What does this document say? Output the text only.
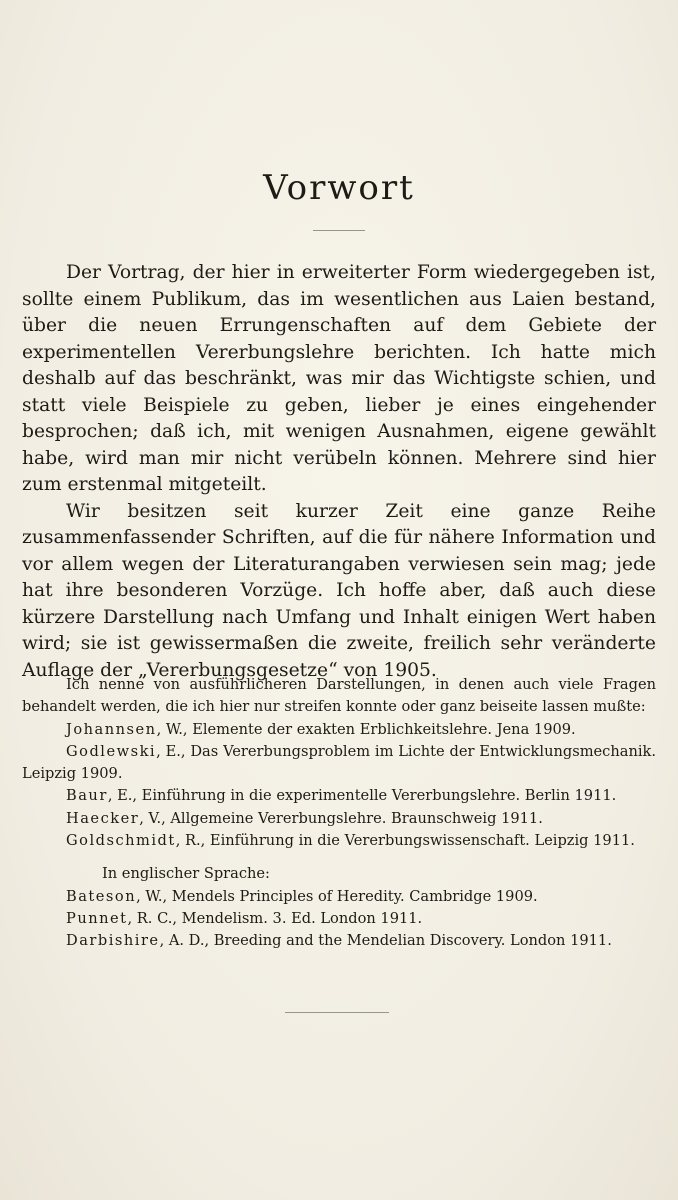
Vorwort

Der Vortrag, der hier in erweiterter Form wiedergegeben ist, sollte einem Publikum, das im wesentlichen aus Laien bestand, über die neuen Errungenschaften auf dem Gebiete der experimentellen Vererbungslehre berichten. Ich hatte mich deshalb auf das beschränkt, was mir das Wichtigste schien, und statt viele Beispiele zu geben, lieber je eines eingehender besprochen; daß ich, mit wenigen Ausnahmen, eigene gewählt habe, wird man mir nicht verübeln können. Mehrere sind hier zum erstenmal mitgeteilt.

Wir besitzen seit kurzer Zeit eine ganze Reihe zusammenfassender Schriften, auf die für nähere Information und vor allem wegen der Literaturangaben verwiesen sein mag; jede hat ihre besonderen Vorzüge. Ich hoffe aber, daß auch diese kürzere Darstellung nach Umfang und Inhalt einigen Wert haben wird; sie ist gewissermaßen die zweite, freilich sehr veränderte Auflage der „Vererbungsgesetze“ von 1905.

Ich nenne von ausführlicheren Darstellungen, in denen auch viele Fragen behandelt werden, die ich hier nur streifen konnte oder ganz beiseite lassen mußte:

Johannsen, W., Elemente der exakten Erblichkeitslehre. Jena 1909.

Godlewski, E., Das Vererbungsproblem im Lichte der Entwicklungsmechanik. Leipzig 1909.

Baur, E., Einführung in die experimentelle Vererbungslehre. Berlin 1911.

Haecker, V., Allgemeine Vererbungslehre. Braunschweig 1911.

Goldschmidt, R., Einführung in die Vererbungswissenschaft. Leipzig 1911.

In englischer Sprache:

Bateson, W., Mendels Principles of Heredity. Cambridge 1909.

Punnet, R. C., Mendelism. 3. Ed. London 1911.

Darbishire, A. D., Breeding and the Mendelian Discovery. London 1911.
